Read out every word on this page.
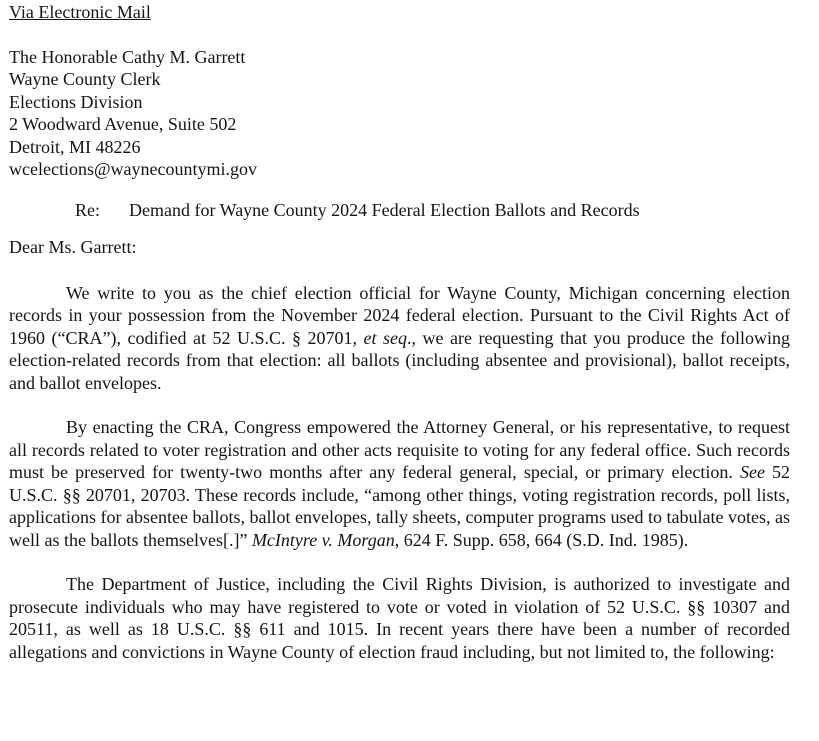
Via Electronic Mail

The Honorable Cathy M. Garrett
Wayne County Clerk
Elections Division
2 Woodward Avenue, Suite 502
Detroit, MI 48226
wcelections@waynecountymi.gov
Re:	Demand for Wayne County 2024 Federal Election Ballots and Records
Dear Ms. Garrett:

We write to you as the chief election official for Wayne County, Michigan concerning election records in your possession from the November 2024 federal election. Pursuant to the Civil Rights Act of 1960 (“CRA”), codified at 52 U.S.C. § 20701, et seq., we are requesting that you produce the following election-related records from that election: all ballots (including absentee and provisional), ballot receipts, and ballot envelopes.

By enacting the CRA, Congress empowered the Attorney General, or his representative, to request all records related to voter registration and other acts requisite to voting for any federal office. Such records must be preserved for twenty-two months after any federal general, special, or primary election. See 52 U.S.C. §§ 20701, 20703. These records include, “among other things, voting registration records, poll lists, applications for absentee ballots, ballot envelopes, tally sheets, computer programs used to tabulate votes, as well as the ballots themselves[.]” McIntyre v. Morgan, 624 F. Supp. 658, 664 (S.D. Ind. 1985).

The Department of Justice, including the Civil Rights Division, is authorized to investigate and prosecute individuals who may have registered to vote or voted in violation of 52 U.S.C. §§ 10307 and 20511, as well as 18 U.S.C. §§ 611 and 1015. In recent years there have been a number of recorded allegations and convictions in Wayne County of election fraud including, but not limited to, the following:
